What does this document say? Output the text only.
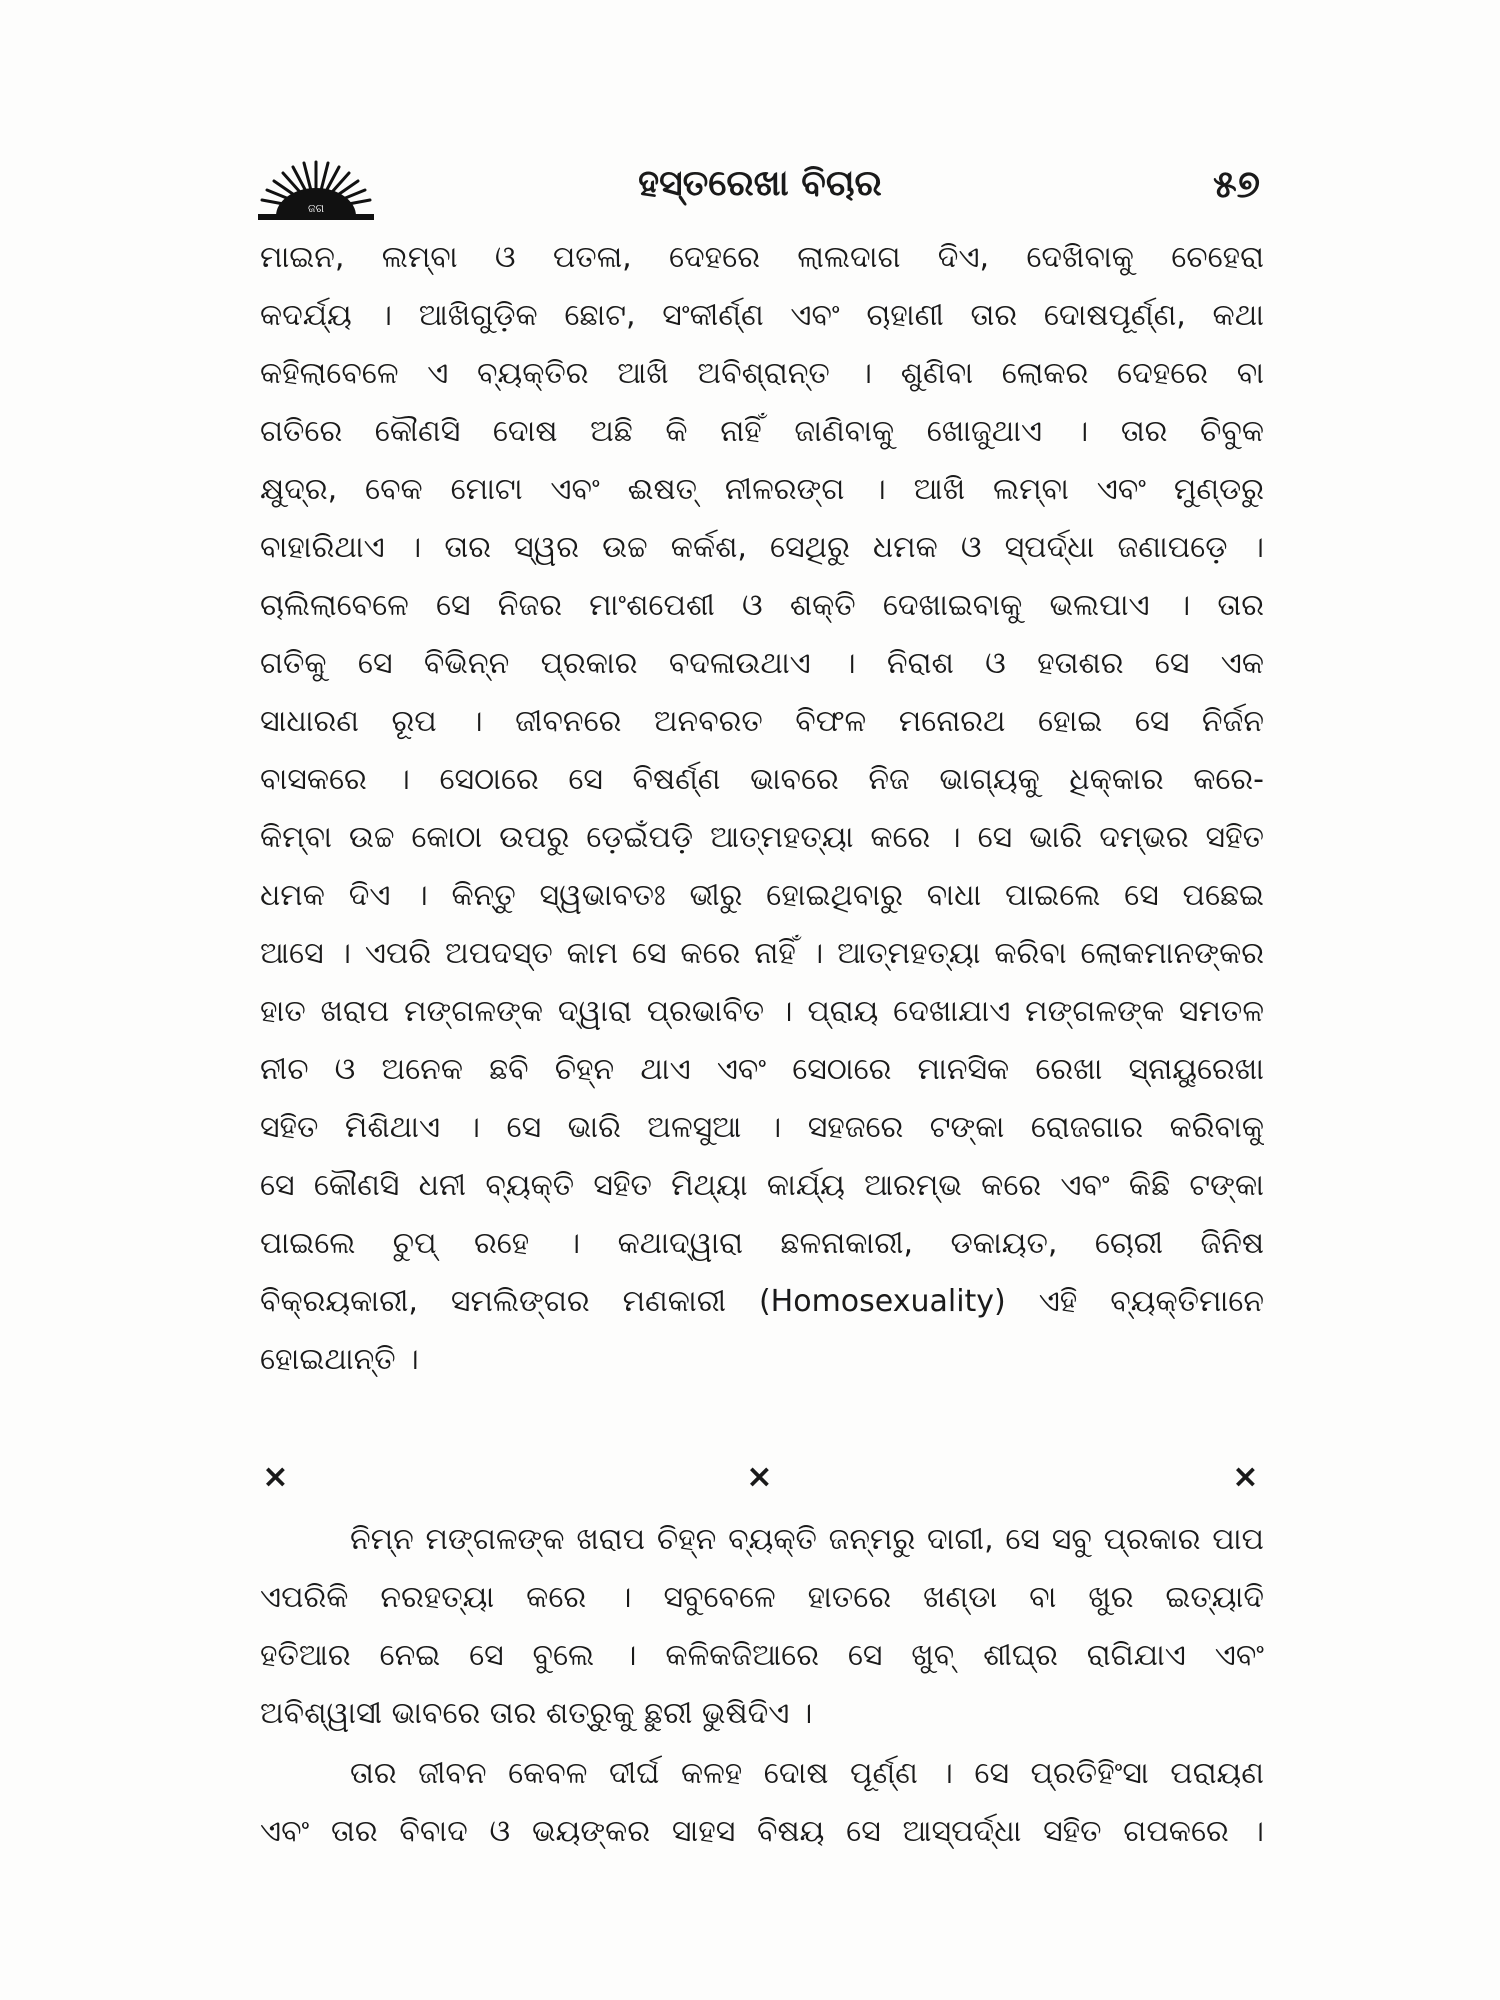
ଜଗ
ହସ୍ତରେଖା ବିଚାର	୫୭
ମାଇନ, ଲମ୍ବା ଓ ପତଳା, ଦେହରେ ଲାଲଦାଗ ଦିଏ, ଦେଖିବାକୁ ଚେହେରା
କଦର୍ଯ୍ୟ । ଆଖିଗୁଡ଼ିକ ଛୋଟ, ସଂକୀର୍ଣ୍ଣ ଏବଂ ଚାହାଣୀ ତାର ଦୋଷପୂର୍ଣ୍ଣ, କଥା
କହିଲାବେଳେ ଏ ବ୍ୟକ୍ତିର ଆଖି ଅବିଶ୍ରାନ୍ତ । ଶୁଣିବା ଲୋକର ଦେହରେ ବା
ଗତିରେ କୌଣସି ଦୋଷ ଅଛି କି ନାହିଁ ଜାଣିବାକୁ ଖୋଜୁଥାଏ । ତାର ଚିବୁକ
କ୍ଷୁଦ୍ର, ବେକ ମୋଟା ଏବଂ ଈଷତ୍ ନୀଳରଙ୍ଗ । ଆଖି ଲମ୍ବା ଏବଂ ମୁଣ୍ଡରୁ
ବାହାରିଥାଏ । ତାର ସ୍ୱର ଉଚ୍ଚ କର୍କଶ, ସେଥିରୁ ଧମକ ଓ ସ୍ପର୍ଦ୍ଧା ଜଣାପଡ଼େ ।
ଚାଲିଲାବେଳେ ସେ ନିଜର ମାଂଶପେଶୀ ଓ ଶକ୍ତି ଦେଖାଇବାକୁ ଭଲପାଏ । ତାର
ଗତିକୁ ସେ ବିଭିନ୍ନ ପ୍ରକାର ବଦଳାଉଥାଏ । ନିରାଶ ଓ ହତାଶର ସେ ଏକ
ସାଧାରଣ ରୂପ । ଜୀବନରେ ଅନବରତ ବିଫଳ ମନୋରଥ ହୋଇ ସେ ନିର୍ଜନ
ବାସକରେ । ସେଠାରେ ସେ ବିଷର୍ଣ୍ଣ ଭାବରେ ନିଜ ଭାଗ୍ୟକୁ ଧିକ୍କାର କରେ-
କିମ୍ବା ଉଚ୍ଚ କୋଠା ଉପରୁ ଡ଼େଇଁପଡ଼ି ଆତ୍ମହତ୍ୟା କରେ । ସେ ଭାରି ଦମ୍ଭର ସହିତ
ଧମକ ଦିଏ । କିନ୍ତୁ ସ୍ୱଭାବତଃ ଭୀରୁ ହୋଇଥିବାରୁ ବାଧା ପାଇଲେ ସେ ପଛେଇ
ଆସେ । ଏପରି ଅପଦସ୍ତ କାମ ସେ କରେ ନାହିଁ । ଆତ୍ମହତ୍ୟା କରିବା ଲୋକମାନଙ୍କର
ହାତ ଖରାପ ମଙ୍ଗଳଙ୍କ ଦ୍ୱାରା ପ୍ରଭାବିତ । ପ୍ରାୟ ଦେଖାଯାଏ ମଙ୍ଗଳଙ୍କ ସମତଳ
ନୀଚ ଓ ଅନେକ ଛବି ଚିହ୍ନ ଥାଏ ଏବଂ ସେଠାରେ ମାନସିକ ରେଖା ସ୍ନାୟୁରେଖା
ସହିତ ମିଶିଥାଏ । ସେ ଭାରି ଅଳସୁଆ । ସହଜରେ ଟଙ୍କା ରୋଜଗାର କରିବାକୁ
ସେ କୌଣସି ଧନୀ ବ୍ୟକ୍ତି ସହିତ ମିଥ୍ୟା କାର୍ଯ୍ୟ ଆରମ୍ଭ କରେ ଏବଂ କିଛି ଟଙ୍କା
ପାଇଲେ ଚୁପ୍ ରହେ । କଥାଦ୍ୱାରା ଛଳନାକାରୀ, ଡକାୟତ, ଚୋରୀ ଜିନିଷ
ବିକ୍ରୟକାରୀ, ସମଲିଙ୍ଗର ମଣକାରୀ (Homosexuality) ଏହି ବ୍ୟକ୍ତିମାନେ
ହୋଇଥାନ୍ତି ।
×	×	×
ନିମ୍ନ ମଙ୍ଗଳଙ୍କ ଖରାପ ଚିହ୍ନ ବ୍ୟକ୍ତି ଜନ୍ମରୁ ଦାଗୀ, ସେ ସବୁ ପ୍ରକାର ପାପ
ଏପରିକି ନରହତ୍ୟା କରେ । ସବୁବେଳେ ହାତରେ ଖଣ୍ଡା ବା ଖୁର ଇତ୍ୟାଦି
ହତିଆର ନେଇ ସେ ବୁଲେ । କଳିକଜିଆରେ ସେ ଖୁବ୍ ଶୀଘ୍ର ରାଗିଯାଏ ଏବଂ
ଅବିଶ୍ୱାସୀ ଭାବରେ ତାର ଶତ୍ରୁକୁ ଛୁରୀ ଭୁଷିଦିଏ ।
ତାର ଜୀବନ କେବଳ ଦୀର୍ଘ କଳହ ଦୋଷ ପୂର୍ଣ୍ଣ । ସେ ପ୍ରତିହିଂସା ପରାୟଣ
ଏବଂ ତାର ବିବାଦ ଓ ଭୟଙ୍କର ସାହସ ବିଷୟ ସେ ଆସ୍ପର୍ଦ୍ଧା ସହିତ ଗପକରେ ।
